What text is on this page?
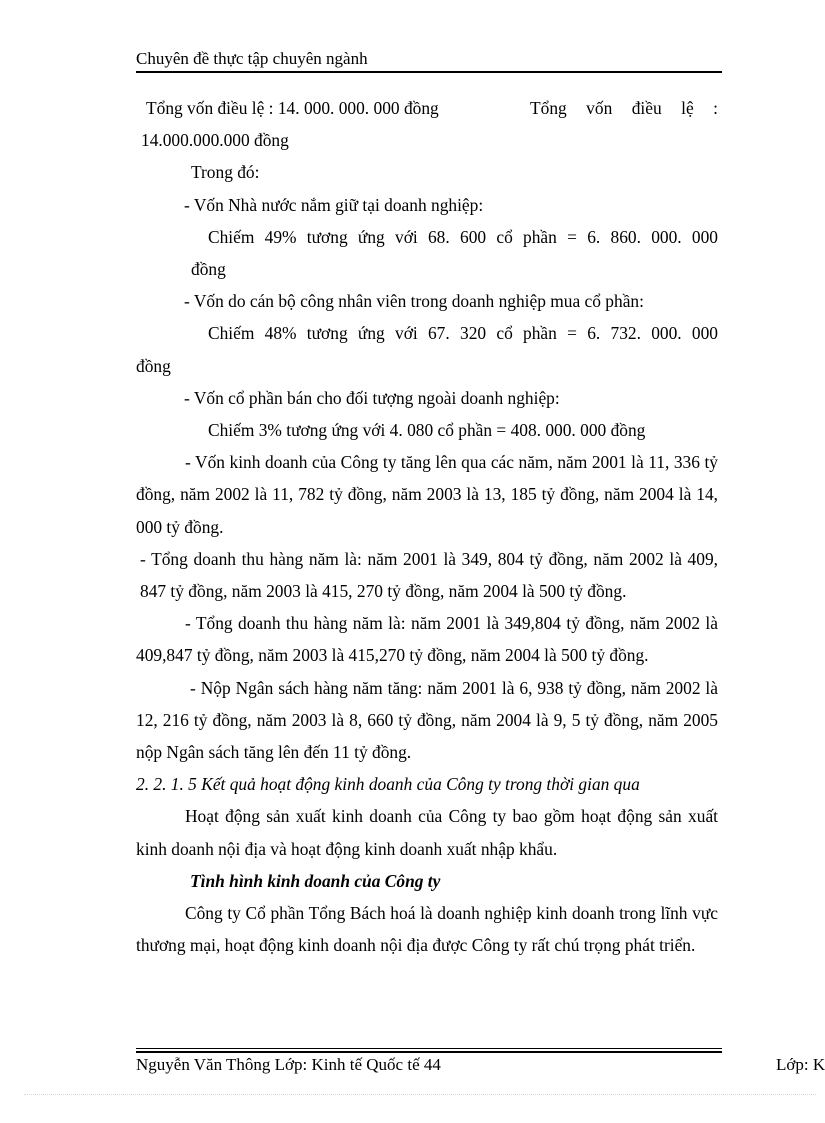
Chuyên đề thực tập chuyên ngành
Tổng vốn điều lệ : 14. 000. 000. 000 đồng	Tổng vốn điều lệ :

14.000.000.000 đồng

Trong đó:

- Vốn Nhà nước nắm giữ tại doanh nghiệp:

Chiếm 49% tương ứng với 68. 600 cổ phần = 6. 860. 000. 000

đồng

- Vốn do cán bộ công nhân viên trong doanh nghiệp mua cổ phần:

Chiếm 48% tương ứng với 67. 320 cổ phần = 6. 732. 000. 000

đồng

- Vốn cổ phần bán cho đối tượng ngoài doanh nghiệp:

Chiếm 3% tương ứng với 4. 080 cổ phần = 408. 000. 000 đồng

- Vốn kinh doanh của Công ty tăng lên qua các năm, năm 2001 là 11, 336 tỷ đồng, năm 2002 là 11, 782 tỷ đồng, năm 2003 là 13, 185 tỷ đồng, năm 2004 là 14, 000 tỷ đồng.

- Tổng doanh thu hàng năm là: năm 2001 là 349, 804 tỷ đồng, năm 2002 là 409, 847 tỷ đồng, năm 2003 là 415, 270 tỷ đồng, năm 2004 là 500 tỷ đồng.

- Tổng doanh thu hàng năm là: năm 2001 là 349,804 tỷ đồng, năm 2002 là 409,847 tỷ đồng, năm 2003 là 415,270 tỷ đồng, năm 2004 là 500 tỷ đồng.

- Nộp Ngân sách hàng năm tăng: năm 2001 là 6, 938 tỷ đồng, năm 2002 là 12, 216 tỷ đồng, năm 2003 là 8, 660 tỷ đồng, năm 2004 là 9, 5 tỷ đồng, năm 2005 nộp Ngân sách tăng lên đến 11 tỷ đồng.

2. 2. 1. 5 Kết quả hoạt động kinh doanh của Công ty trong thời gian qua

Hoạt động sản xuất kinh doanh của Công ty bao gồm hoạt động sản xuất kinh doanh nội địa và hoạt động kinh doanh xuất nhập khẩu.

Tình hình kinh doanh của Công ty

Công ty Cổ phần Tổng Bách hoá là doanh nghiệp kinh doanh trong lĩnh vực thương mại, hoạt động kinh doanh nội địa được Công ty rất chú trọng phát triển.

Nguyễn Văn Thông Lớp: Kinh tế Quốc tế 44	Lớp: K
